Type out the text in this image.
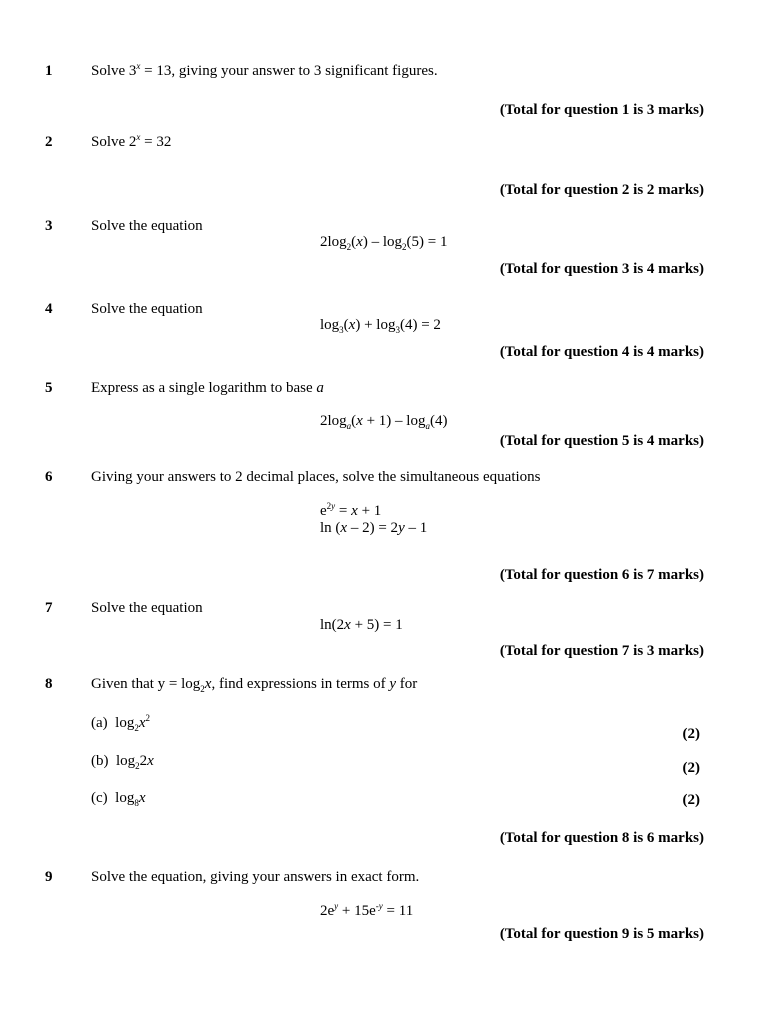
1	Solve $3^x = 13$, giving your answer to 3 significant figures.
(Total for question 1 is 3 marks)
2	Solve $2^x = 32$
(Total for question 2 is 2 marks)
3	Solve the equation
$2\log_2(x) - \log_2(5) = 1$
(Total for question 3 is 4 marks)
4	Solve the equation
$\log_3(x) + \log_3(4) = 2$
(Total for question 4 is 4 marks)
5	Express as a single logarithm to base a
$2\log_a(x + 1) - \log_a(4)$
(Total for question 5 is 4 marks)
6	Giving your answers to 2 decimal places, solve the simultaneous equations
$e^{2y} = x + 1$
ln (x – 2) = 2y – 1
(Total for question 6 is 7 marks)
7	Solve the equation
ln(2x + 5) = 1
(Total for question 7 is 3 marks)
8	Given that $y = \log_2x$, find expressions in terms of y for
(a)  $\log_2x^2$
(2)
(b)  $\log_22x$	(2)
(c)  $\log_8x$	(2)
(Total for question 8 is 6 marks)
9	Solve the equation, giving your answers in exact form.
$2e^y + 15e^{-y} = 11$
(Total for question 9 is 5 marks)
